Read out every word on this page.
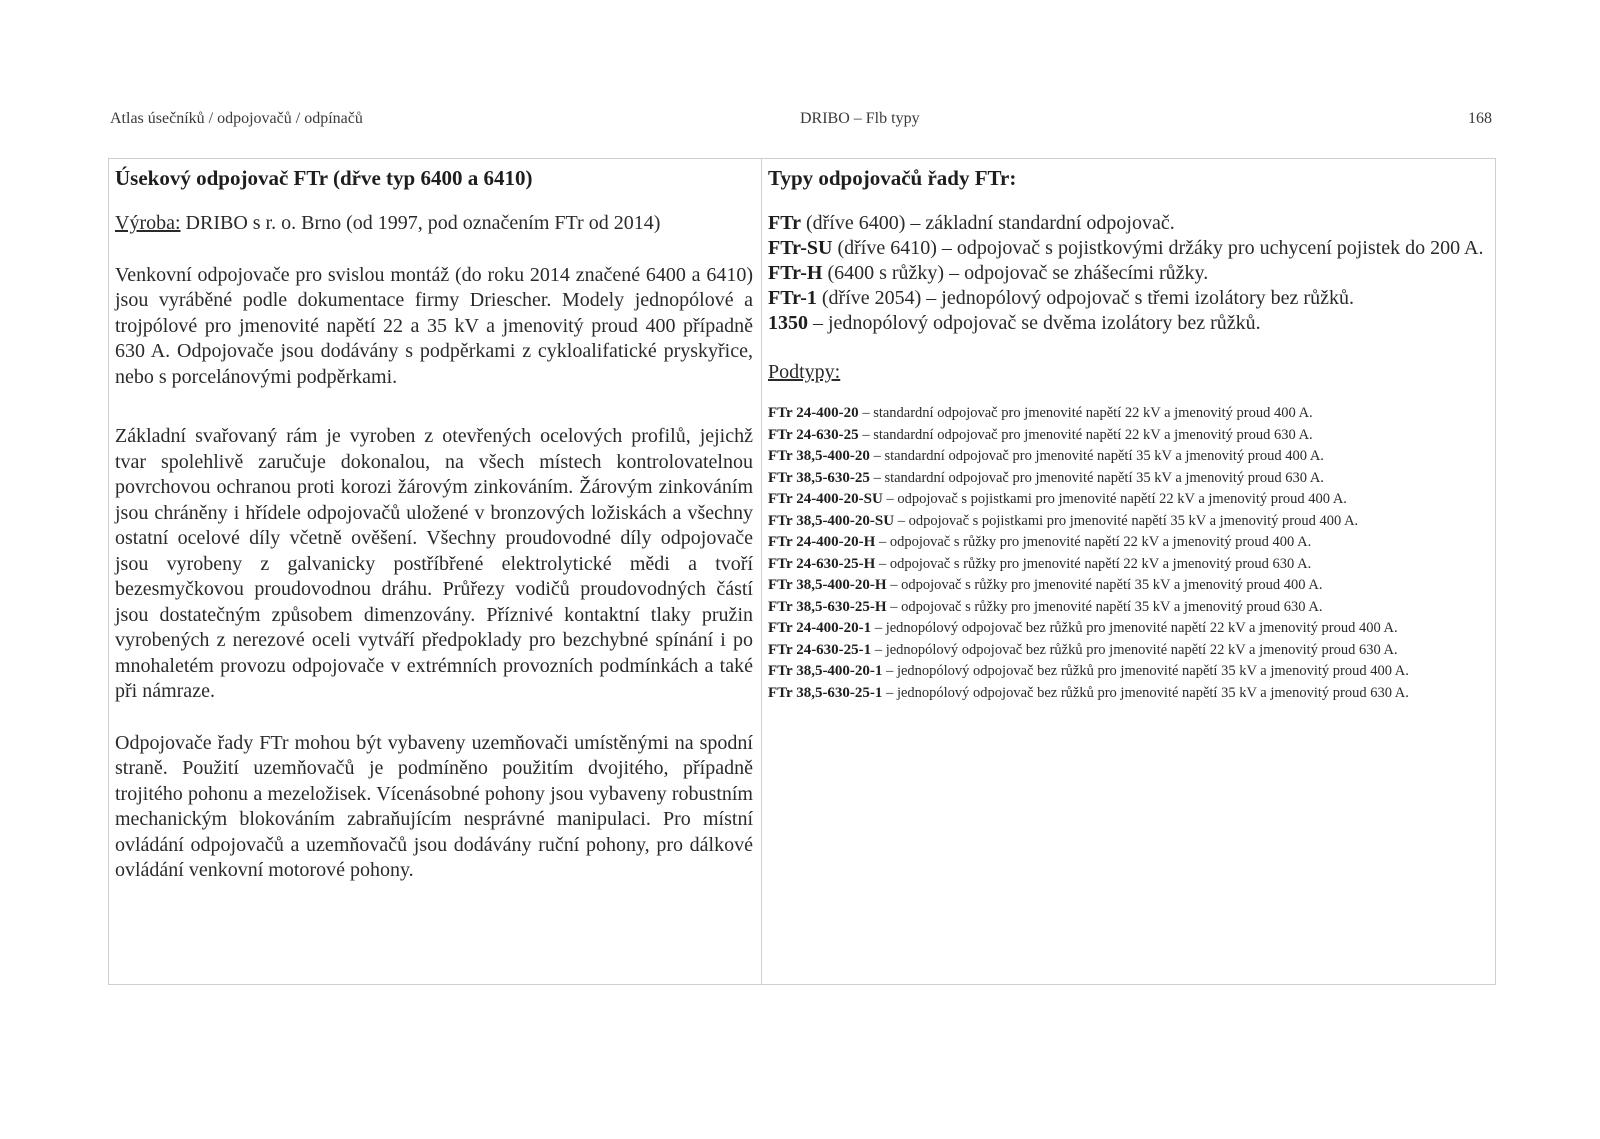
Atlas úsečníků / odpojovačů / odpínačů	DRIBO – Flb typy	168
Úsekový odpojovač FTr (dřve typ 6400 a 6410)

Výroba: DRIBO s r. o. Brno (od 1997, pod označením FTr od 2014)

Venkovní odpojovače pro svislou montáž (do roku 2014 značené 6400 a 6410) jsou vyráběné podle dokumentace firmy Driescher. Modely jednopólové a trojpólové pro jmenovité napětí 22 a 35 kV a jmenovitý proud 400 případně 630 A. Odpojovače jsou dodávány s podpěrkami z cykloalifatické pryskyřice, nebo s porcelánovými podpěrkami.

Základní svařovaný rám je vyroben z otevřených ocelových profilů, jejichž tvar spolehlivě zaručuje dokonalou, na všech místech kontrolovatelnou povrchovou ochranou proti korozi žárovým zinkováním. Žárovým zinkováním jsou chráněny i hřídele odpojovačů uložené v bronzových ložiskách a všechny ostatní ocelové díly včetně ověšení. Všechny proudovodné díly odpojovače jsou vyrobeny z galvanicky postříbřené elektrolytické mědi a tvoří bezesmyčkovou proudovodnou dráhu. Průřezy vodičů proudovodných částí jsou dostatečným způsobem dimenzovány. Příznivé kontaktní tlaky pružin vyrobených z nerezové oceli vytváří předpoklady pro bezchybné spínání i po mnohaletém provozu odpojovače v extrémních provozních podmínkách a také při námraze.

Odpojovače řady FTr mohou být vybaveny uzemňovači umístěnými na spodní straně. Použití uzemňovačů je podmíněno použitím dvojitého, případně trojitého pohonu a mezeložisek. Vícenásobné pohony jsou vybaveny robustním mechanickým blokováním zabraňujícím nesprávné manipulaci. Pro místní ovládání odpojovačů a uzemňovačů jsou dodávány ruční pohony, pro dálkové ovládání venkovní motorové pohony.

Typy odpojovačů řady FTr:

FTr (dříve 6400) – základní standardní odpojovač.

FTr-SU (dříve 6410) – odpojovač s pojistkovými držáky pro uchycení pojistek do 200 A.

FTr-H (6400 s růžky) – odpojovač se zhášecími růžky.

FTr-1 (dříve 2054) – jednopólový odpojovač s třemi izolátory bez růžků.

1350 – jednopólový odpojovač se dvěma izolátory bez růžků.

Podtypy:

FTr 24-400-20 – standardní odpojovač pro jmenovité napětí 22 kV a jmenovitý proud 400 A.

FTr 24-630-25 – standardní odpojovač pro jmenovité napětí 22 kV a jmenovitý proud 630 A.

FTr 38,5-400-20 – standardní odpojovač pro jmenovité napětí 35 kV a jmenovitý proud 400 A.

FTr 38,5-630-25 – standardní odpojovač pro jmenovité napětí 35 kV a jmenovitý proud 630 A.

FTr 24-400-20-SU – odpojovač s pojistkami pro jmenovité napětí 22 kV a jmenovitý proud 400 A.

FTr 38,5-400-20-SU – odpojovač s pojistkami pro jmenovité napětí 35 kV a jmenovitý proud 400 A.

FTr 24-400-20-H – odpojovač s růžky pro jmenovité napětí 22 kV a jmenovitý proud 400 A.

FTr 24-630-25-H – odpojovač s růžky pro jmenovité napětí 22 kV a jmenovitý proud 630 A.

FTr 38,5-400-20-H – odpojovač s růžky pro jmenovité napětí 35 kV a jmenovitý proud 400 A.

FTr 38,5-630-25-H – odpojovač s růžky pro jmenovité napětí 35 kV a jmenovitý proud 630 A.

FTr 24-400-20-1 – jednopólový odpojovač bez růžků pro jmenovité napětí 22 kV a jmenovitý proud 400 A.

FTr 24-630-25-1 – jednopólový odpojovač bez růžků pro jmenovité napětí 22 kV a jmenovitý proud 630 A.

FTr 38,5-400-20-1 – jednopólový odpojovač bez růžků pro jmenovité napětí 35 kV a jmenovitý proud 400 A.

FTr 38,5-630-25-1 – jednopólový odpojovač bez růžků pro jmenovité napětí 35 kV a jmenovitý proud 630 A.
